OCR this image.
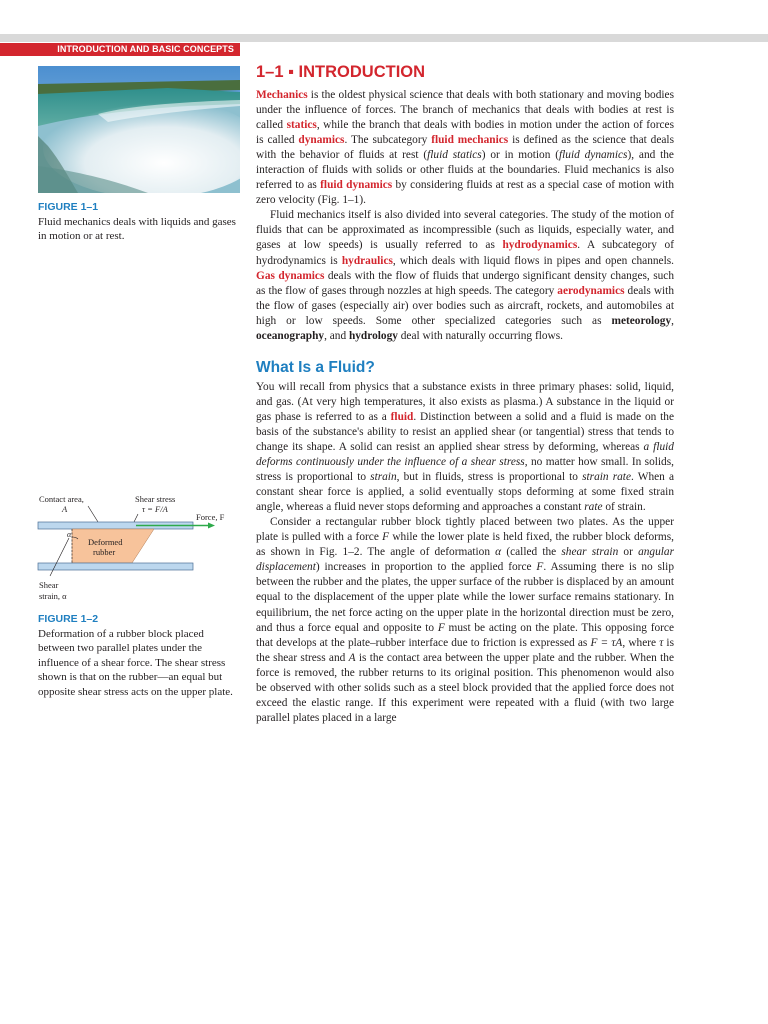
INTRODUCTION AND BASIC CONCEPTS
FIGURE 1–1
Fluid mechanics deals with liquids and gases in motion or at rest.
Contact area,
A
Shear stress
τ = F/A
Force, F
Deformed
rubber
α
Shear
strain, α
FIGURE 1–2
Deformation of a rubber block placed between two parallel plates under the influence of a shear force. The shear stress shown is that on the rubber—an equal but opposite shear stress acts on the upper plate.
1–1 ▪ INTRODUCTION

Mechanics is the oldest physical science that deals with both stationary and moving bodies under the influence of forces. The branch of mechanics that deals with bodies at rest is called statics, while the branch that deals with bodies in motion under the action of forces is called dynamics. The subcategory fluid mechanics is defined as the science that deals with the behavior of fluids at rest (fluid statics) or in motion (fluid dynamics), and the interaction of fluids with solids or other fluids at the boundaries. Fluid mechanics is also referred to as fluid dynamics by considering fluids at rest as a special case of motion with zero velocity (Fig. 1–1).

Fluid mechanics itself is also divided into several categories. The study of the motion of fluids that can be approximated as incompressible (such as liquids, especially water, and gases at low speeds) is usually referred to as hydrodynamics. A subcategory of hydrodynamics is hydraulics, which deals with liquid flows in pipes and open channels. Gas dynamics deals with the flow of fluids that undergo significant density changes, such as the flow of gases through nozzles at high speeds. The category aerodynamics deals with the flow of gases (especially air) over bodies such as aircraft, rockets, and automobiles at high or low speeds. Some other specialized categories such as meteorology, oceanography, and hydrology deal with naturally occurring flows.

What Is a Fluid?

You will recall from physics that a substance exists in three primary phases: solid, liquid, and gas. (At very high temperatures, it also exists as plasma.) A substance in the liquid or gas phase is referred to as a fluid. Distinction between a solid and a fluid is made on the basis of the substance's ability to resist an applied shear (or tangential) stress that tends to change its shape. A solid can resist an applied shear stress by deforming, whereas a fluid deforms continuously under the influence of a shear stress, no matter how small. In solids, stress is proportional to strain, but in fluids, stress is proportional to strain rate. When a constant shear force is applied, a solid eventually stops deforming at some fixed strain angle, whereas a fluid never stops deforming and approaches a constant rate of strain.

Consider a rectangular rubber block tightly placed between two plates. As the upper plate is pulled with a force F while the lower plate is held fixed, the rubber block deforms, as shown in Fig. 1–2. The angle of deformation α (called the shear strain or angular displacement) increases in proportion to the applied force F. Assuming there is no slip between the rubber and the plates, the upper surface of the rubber is displaced by an amount equal to the displacement of the upper plate while the lower surface remains stationary. In equilibrium, the net force acting on the upper plate in the horizontal direction must be zero, and thus a force equal and opposite to F must be acting on the plate. This opposing force that develops at the plate–rubber interface due to friction is expressed as F = τA, where τ is the shear stress and A is the contact area between the upper plate and the rubber. When the force is removed, the rubber returns to its original position. This phenomenon would also be observed with other solids such as a steel block provided that the applied force does not exceed the elastic range. If this experiment were repeated with a fluid (with two large parallel plates placed in a large
